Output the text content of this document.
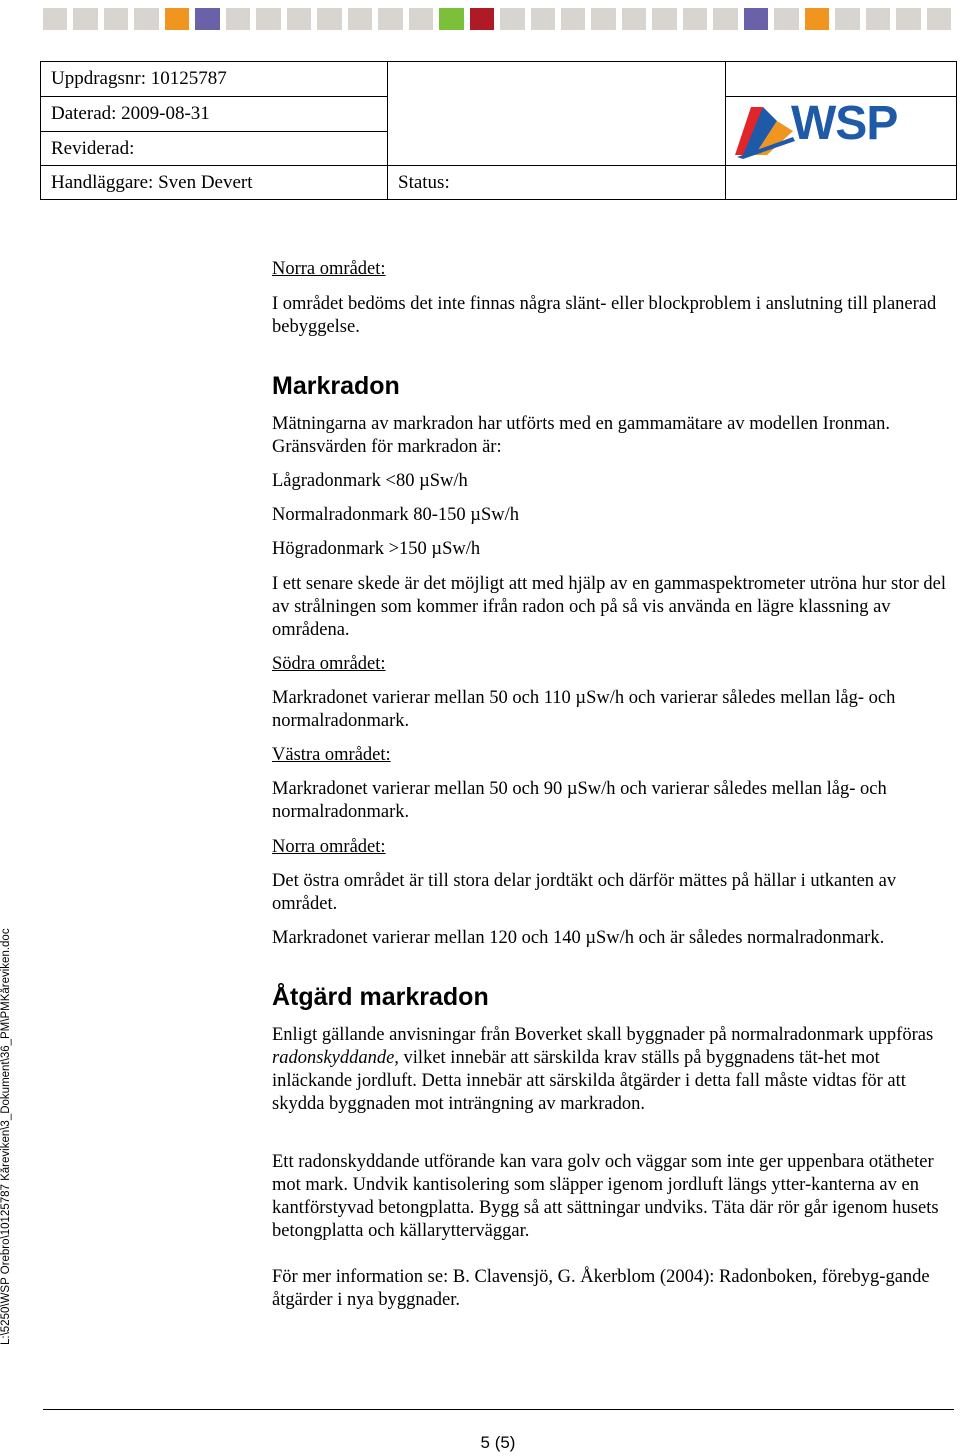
Uppdragsnr: 10125787
Daterad: 2009-08-31
Reviderad:
Handläggare: Sven Devert	Status:
WSP

Norra området:

I området bedöms det inte finnas några slänt- eller blockproblem i anslutning till planerad bebyggelse.

Markradon

Mätningarna av markradon har utförts med en gammamätare av modellen Ironman. Gränsvärden för markradon är:

Lågradonmark <80 µSw/h

Normalradonmark 80-150 µSw/h

Högradonmark >150 µSw/h

I ett senare skede är det möjligt att med hjälp av en gammaspektrometer utröna hur stor del av strålningen som kommer ifrån radon och på så vis använda en lägre klassning av områdena.

Södra området:

Markradonet varierar mellan 50 och 110 µSw/h och varierar således mellan låg- och normalradonmark.

Västra området:

Markradonet varierar mellan 50 och 90 µSw/h och varierar således mellan låg- och normalradonmark.

Norra området:

Det östra området är till stora delar jordtäkt och därför mättes på hällar i utkanten av området.

Markradonet varierar mellan 120 och 140 µSw/h och är således normalradonmark.

Åtgärd markradon

Enligt gällande anvisningar från Boverket skall byggnader på normalradonmark uppföras radonskyddande, vilket innebär att särskilda krav ställs på byggnadens tät-het mot inläckande jordluft. Detta innebär att särskilda åtgärder i detta fall måste vidtas för att skydda byggnaden mot inträngning av markradon.

Ett radonskyddande utförande kan vara golv och väggar som inte ger uppenbara otätheter mot mark. Undvik kantisolering som släpper igenom jordluft längs ytter-kanterna av en kantförstyvad betongplatta. Bygg så att sättningar undviks. Täta där rör går igenom husets betongplatta och källarytterväggar.

För mer information se: B. Clavensjö, G. Åkerblom (2004): Radonboken, förebyg-gande åtgärder i nya byggnader.

L:\5250\WSP Örebro\10125787 Kåreviken\3_Dokument\36_PM\PMKåreviken.doc
5 (5)
